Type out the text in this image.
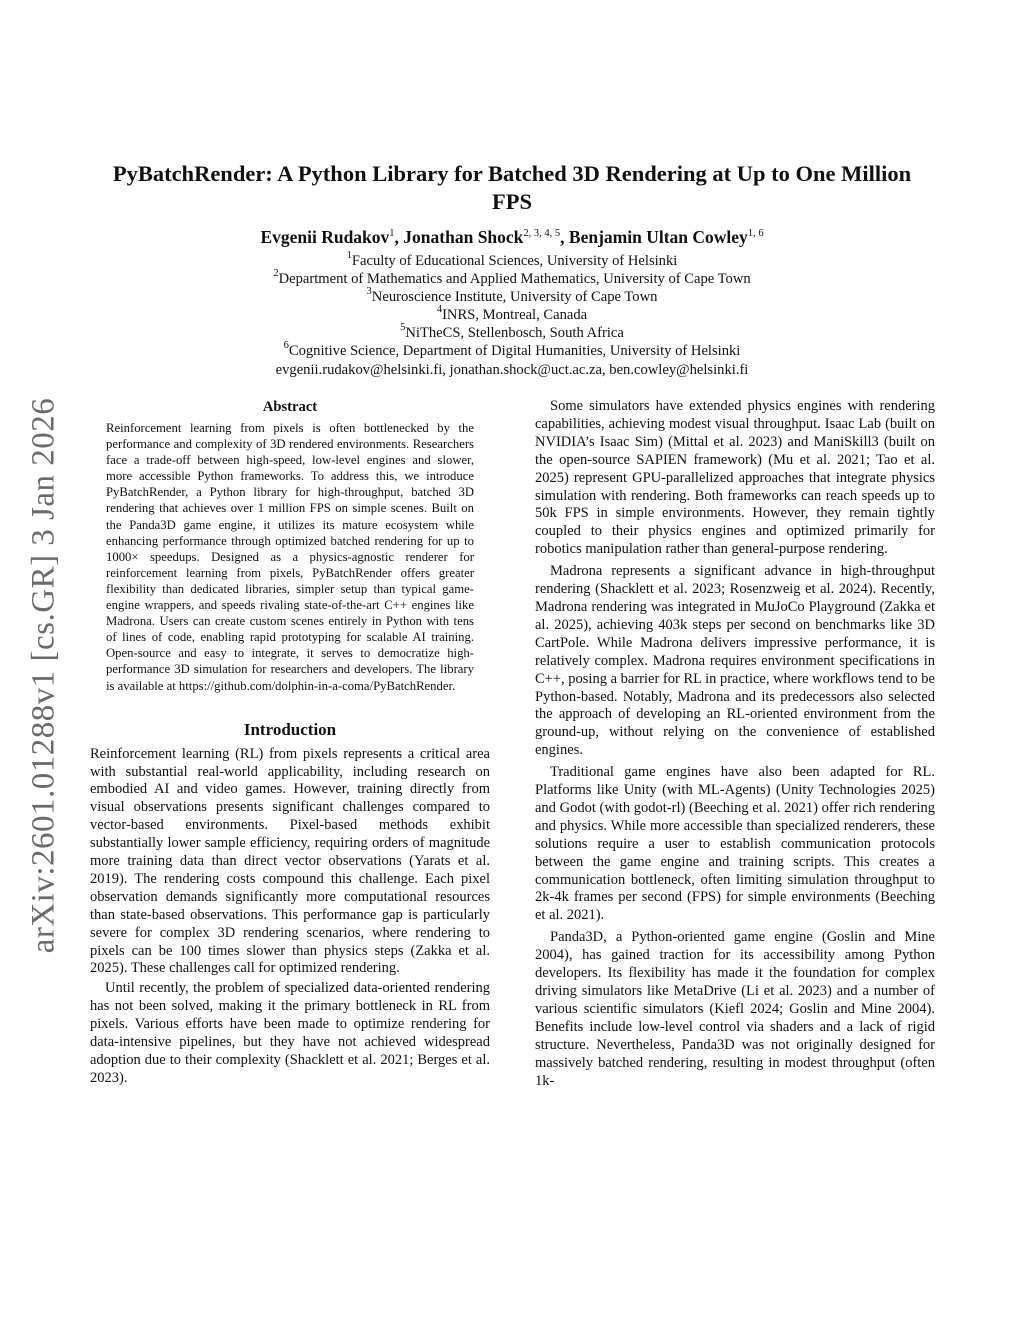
arXiv:2601.01288v1 [cs.GR] 3 Jan 2026
PyBatchRender: A Python Library for Batched 3D Rendering at Up to One Million FPS
Evgenii Rudakov$^1$, Jonathan Shock$^{2, 3, 4, 5}$, Benjamin Ultan Cowley$^{1, 6}$
$^1$Faculty of Educational Sciences, University of Helsinki
$^2$Department of Mathematics and Applied Mathematics, University of Cape Town
$^3$Neuroscience Institute, University of Cape Town
$^4$INRS, Montreal, Canada
$^5$NiTheCS, Stellenbosch, South Africa
$^6$Cognitive Science, Department of Digital Humanities, University of Helsinki
evgenii.rudakov@helsinki.fi, jonathan.shock@uct.ac.za, ben.cowley@helsinki.fi
Abstract

Reinforcement learning from pixels is often bottlenecked by the performance and complexity of 3D rendered environments. Researchers face a trade-off between high-speed, low-level engines and slower, more accessible Python frameworks. To address this, we introduce PyBatchRender, a Python library for high-throughput, batched 3D rendering that achieves over 1 million FPS on simple scenes. Built on the Panda3D game engine, it utilizes its mature ecosystem while enhancing performance through optimized batched rendering for up to 1000× speedups. Designed as a physics-agnostic renderer for reinforcement learning from pixels, PyBatchRender offers greater flexibility than dedicated libraries, simpler setup than typical game-engine wrappers, and speeds rivaling state-of-the-art C++ engines like Madrona. Users can create custom scenes entirely in Python with tens of lines of code, enabling rapid prototyping for scalable AI training. Open-source and easy to integrate, it serves to democratize high-performance 3D simulation for researchers and developers. The library is available at https://github.com/dolphin-in-a-coma/PyBatchRender.

Introduction

Reinforcement learning (RL) from pixels represents a critical area with substantial real-world applicability, including research on embodied AI and video games. However, training directly from visual observations presents significant challenges compared to vector-based environments. Pixel-based methods exhibit substantially lower sample efficiency, requiring orders of magnitude more training data than direct vector observations (Yarats et al. 2019). The rendering costs compound this challenge. Each pixel observation demands significantly more computational resources than state-based observations. This performance gap is particularly severe for complex 3D rendering scenarios, where rendering to pixels can be 100 times slower than physics steps (Zakka et al. 2025). These challenges call for optimized rendering.

Until recently, the problem of specialized data-oriented rendering has not been solved, making it the primary bottleneck in RL from pixels. Various efforts have been made to optimize rendering for data-intensive pipelines, but they have not achieved widespread adoption due to their complexity (Shacklett et al. 2021; Berges et al. 2023).

Some simulators have extended physics engines with rendering capabilities, achieving modest visual throughput. Isaac Lab (built on NVIDIA’s Isaac Sim) (Mittal et al. 2023) and ManiSkill3 (built on the open-source SAPIEN framework) (Mu et al. 2021; Tao et al. 2025) represent GPU-parallelized approaches that integrate physics simulation with rendering. Both frameworks can reach speeds up to 50k FPS in simple environments. However, they remain tightly coupled to their physics engines and optimized primarily for robotics manipulation rather than general-purpose rendering.

Madrona represents a significant advance in high-throughput rendering (Shacklett et al. 2023; Rosenzweig et al. 2024). Recently, Madrona rendering was integrated in MuJoCo Playground (Zakka et al. 2025), achieving 403k steps per second on benchmarks like 3D CartPole. While Madrona delivers impressive performance, it is relatively complex. Madrona requires environment specifications in C++, posing a barrier for RL in practice, where workflows tend to be Python-based. Notably, Madrona and its predecessors also selected the approach of developing an RL-oriented environment from the ground-up, without relying on the convenience of established engines.

Traditional game engines have also been adapted for RL. Platforms like Unity (with ML-Agents) (Unity Technologies 2025) and Godot (with godot-rl) (Beeching et al. 2021) offer rich rendering and physics. While more accessible than specialized renderers, these solutions require a user to establish communication protocols between the game engine and training scripts. This creates a communication bottleneck, often limiting simulation throughput to 2k-4k frames per second (FPS) for simple environments (Beeching et al. 2021).

Panda3D, a Python-oriented game engine (Goslin and Mine 2004), has gained traction for its accessibility among Python developers. Its flexibility has made it the foundation for complex driving simulators like MetaDrive (Li et al. 2023) and a number of various scientific simulators (Kiefl 2024; Goslin and Mine 2004). Benefits include low-level control via shaders and a lack of rigid structure. Nevertheless, Panda3D was not originally designed for massively batched rendering, resulting in modest throughput (often 1k-
